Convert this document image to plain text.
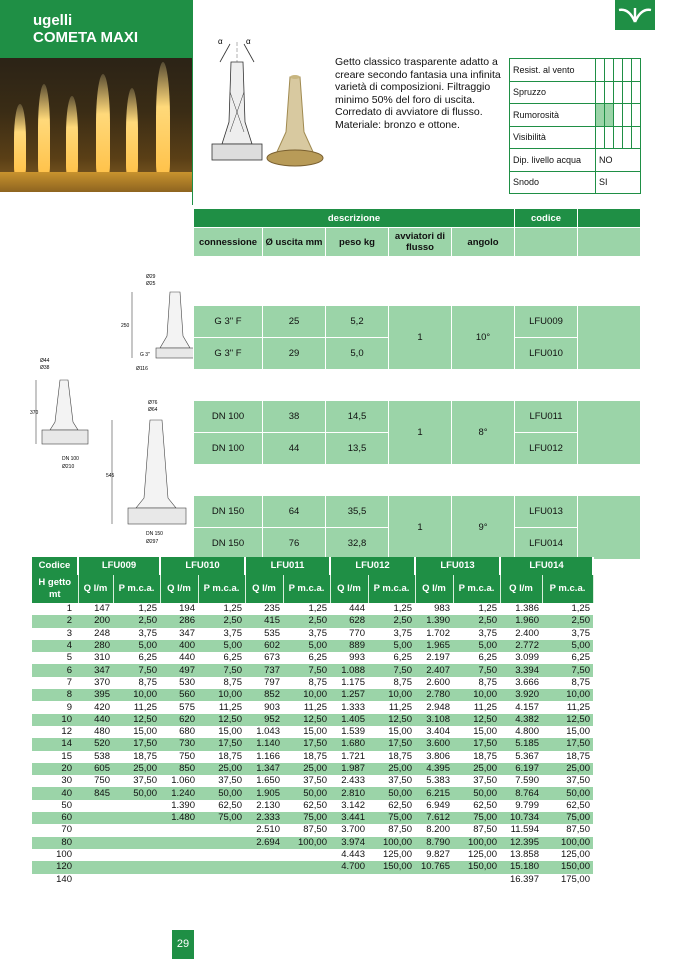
ugelli
COMETA MAXI	α	α
Getto classico trasparente adatto a creare secondo fantasia una infinita varietà di composizioni. Filtraggio minimo 50% del foro di uscita. Corredato di avviatore di flusso.
Materiale: bronzo e ottone.
Resist. al vento					
Spruzzo					
Rumorosità					
Visibilità					
Dip. livello acqua	NO				
Snodo	SI				
descrizione					codice	
connessione	Ø uscita mm	peso kg	avviatori di flusso	angolo		

G 3" F	25	5,2	1	10°	LFU009	
G 3" F	29	5,0			LFU010	

DN 100	38	14,5	1	8°	LFU011	
DN 100	44	13,5			LFU012	

DN 150	64	35,5	1	9°	LFU013	
DN 150	76	32,8			LFU014	
Ø29
Ø25
250
G 3"
Ø116
Ø44
Ø38
370
DN 100
Ø210
Ø76
Ø64
545
DN 150
Ø297
Codice	LFU009		LFU010		LFU011		LFU012		LFU013		LFU014	
H getto mt	Q l/m	P m.c.a.	Q l/m	P m.c.a.	Q l/m	P m.c.a.	Q l/m	P m.c.a.	Q l/m	P m.c.a.	Q l/m	P m.c.a.
1	147	1,25	194	1,25	235	1,25	444	1,25	983	1,25	1.386	1,25
2	200	2,50	286	2,50	415	2,50	628	2,50	1.390	2,50	1.960	2,50
3	248	3,75	347	3,75	535	3,75	770	3,75	1.702	3,75	2.400	3,75
4	280	5,00	400	5,00	602	5,00	889	5,00	1.965	5,00	2.772	5,00
5	310	6,25	440	6,25	673	6,25	993	6,25	2.197	6,25	3.099	6,25
6	347	7,50	497	7,50	737	7,50	1.088	7,50	2.407	7,50	3.394	7,50
7	370	8,75	530	8,75	797	8,75	1.175	8,75	2.600	8,75	3.666	8,75
8	395	10,00	560	10,00	852	10,00	1.257	10,00	2.780	10,00	3.920	10,00
9	420	11,25	575	11,25	903	11,25	1.333	11,25	2.948	11,25	4.157	11,25
10	440	12,50	620	12,50	952	12,50	1.405	12,50	3.108	12,50	4.382	12,50
12	480	15,00	680	15,00	1.043	15,00	1.539	15,00	3.404	15,00	4.800	15,00
14	520	17,50	730	17,50	1.140	17,50	1.680	17,50	3.600	17,50	5.185	17,50
15	538	18,75	750	18,75	1.166	18,75	1.721	18,75	3.806	18,75	5.367	18,75
20	605	25,00	850	25,00	1.347	25,00	1.987	25,00	4.395	25,00	6.197	25,00
30	750	37,50	1.060	37,50	1.650	37,50	2.433	37,50	5.383	37,50	7.590	37,50
40	845	50,00	1.240	50,00	1.905	50,00	2.810	50,00	6.215	50,00	8.764	50,00
50			1.390	62,50	2.130	62,50	3.142	62,50	6.949	62,50	9.799	62,50
60			1.480	75,00	2.333	75,00	3.441	75,00	7.612	75,00	10.734	75,00
70					2.510	87,50	3.700	87,50	8.200	87,50	11.594	87,50
80					2.694	100,00	3.974	100,00	8.790	100,00	12.395	100,00
100							4.443	125,00	9.827	125,00	13.858	125,00
120							4.700	150,00	10.765	150,00	15.180	150,00
140											16.397	175,00
29
